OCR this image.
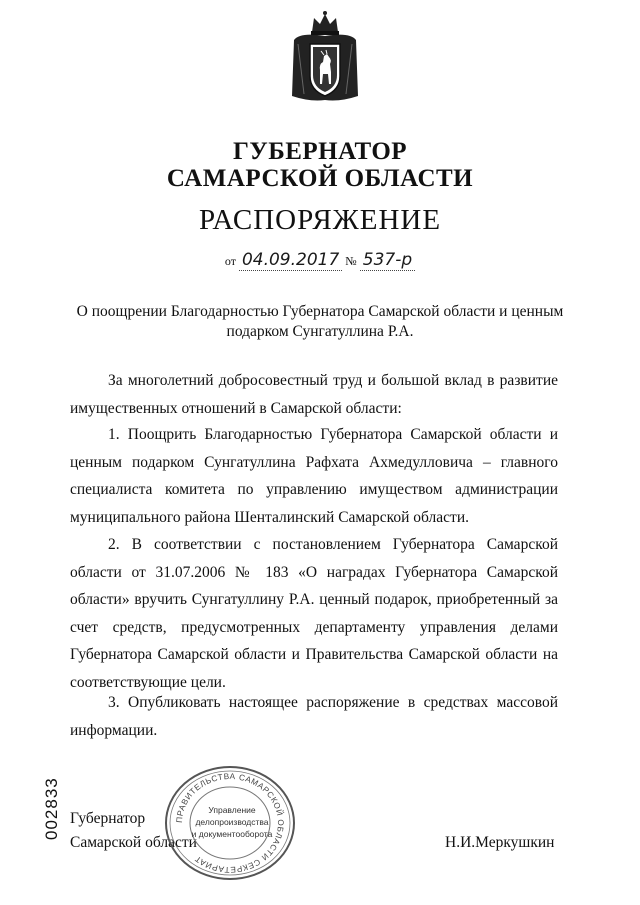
ГУБЕРНАТОР
САМАРСКОЙ ОБЛАСТИ
РАСПОРЯЖЕНИЕ
от 04.09.2017 № 537-р
О поощрении Благодарностью Губернатора Самарской области и ценным подарком Сунгатуллина Р.А.
За многолетний добросовестный труд и большой вклад в развитие имущественных отношений в Самарской области:
1. Поощрить Благодарностью Губернатора Самарской области и ценным подарком Сунгатуллина Рафхата Ахмедулловича – главного специалиста комитета по управлению имуществом администрации муниципального района Шенталинский Самарской области.
2. В соответствии с постановлением Губернатора Самарской области от 31.07.2006 № 183 «О наградах Губернатора Самарской области» вручить Сунгатуллину Р.А. ценный подарок, приобретенный за счет средств, предусмотренных департаменту управления делами Губернатора Самарской области и Правительства Самарской области на соответствующие цели.
3. Опубликовать настоящее распоряжение в средствах массовой информации.
Губернатор
Самарской области
ПРАВИТЕЛЬСТВА САМАРСКОЙ ОБЛАСТИ СЕКРЕТАРИАТ
Управление
делопроизводства
и документооборота	Н.И.Меркушкин
002833
